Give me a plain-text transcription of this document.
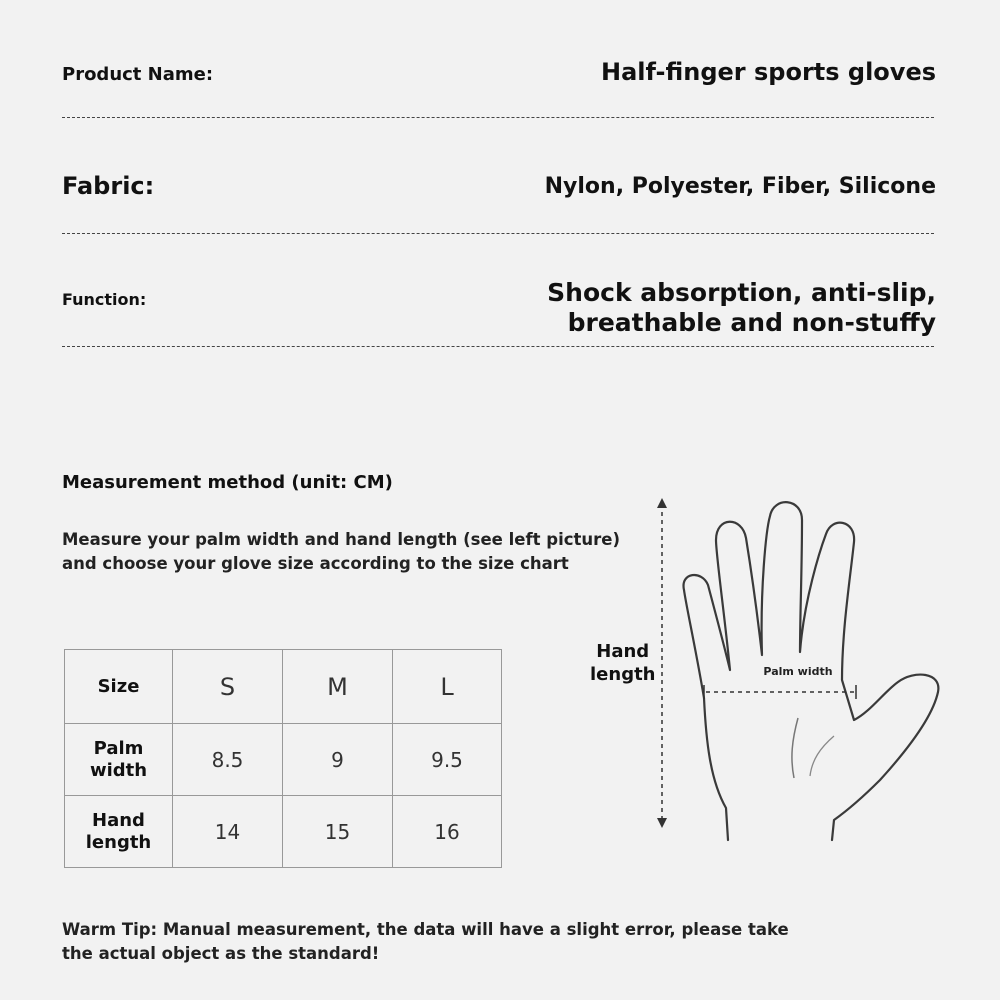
Product Name:	Half-finger sports gloves
Fabric:	Nylon, Polyester, Fiber, Silicone
Function:	Shock absorption, anti-slip,
breathable and non-stuffy
Measurement method (unit: CM)
Measure your palm width and hand length (see left picture) and choose your glove size according to the size chart
Size	S	M	L

Palm
width	8.5	9	9.5

Hand
length	14	15	16
Hand
length	Palm width
Warm Tip: Manual measurement, the data will have a slight error, please take the actual object as the standard!
